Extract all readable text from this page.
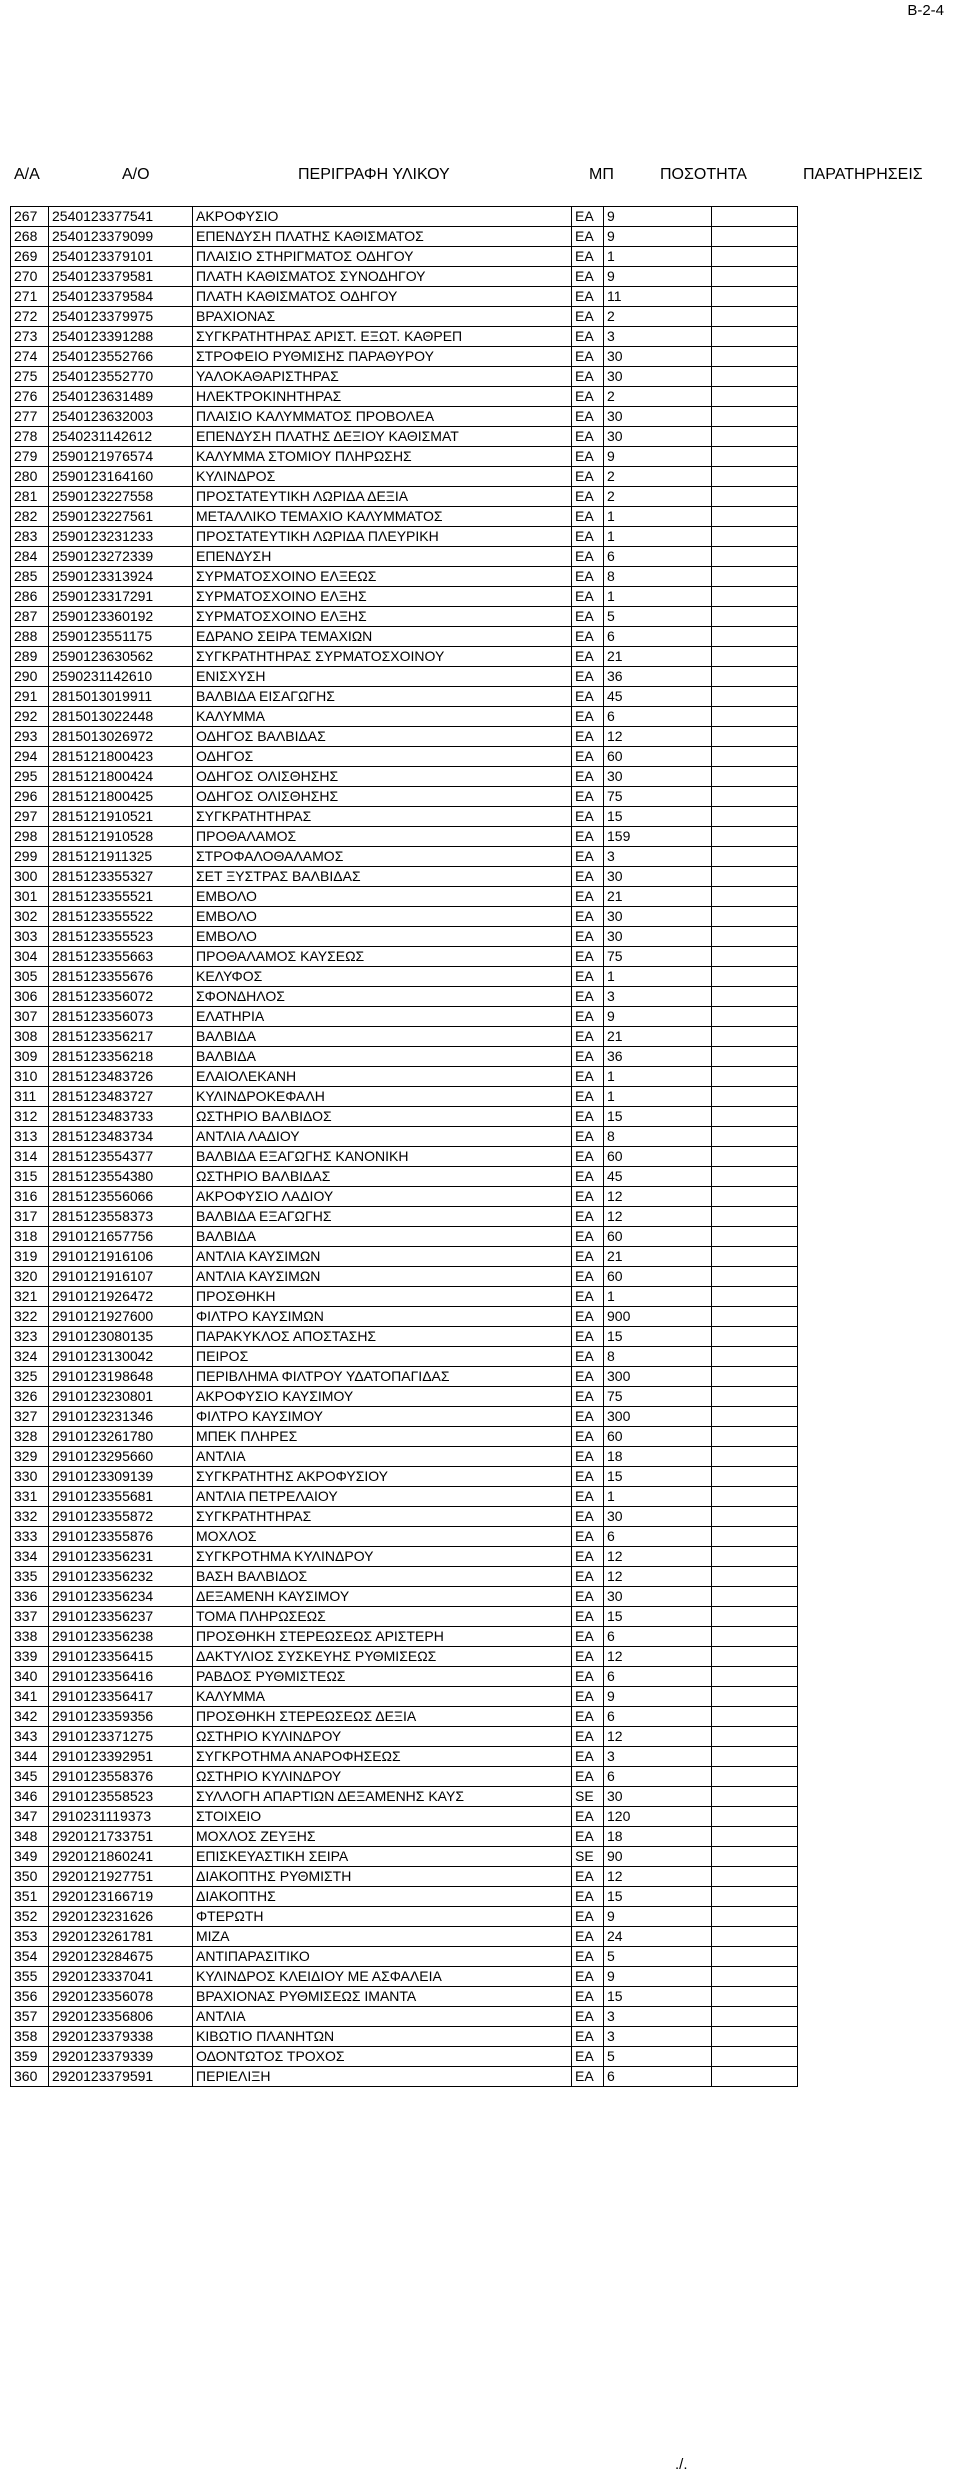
B-2-4
Α/Α	Α/Ο	ΠΕΡΙΓΡΑΦΗ ΥΛΙΚΟΥ	ΜΠ	ΠΟΣΟΤΗΤΑ	ΠΑΡΑΤΗΡΗΣΕΙΣ
267	2540123377541	ΑΚΡΟΦΥΣΙΟ	ΕΑ	9	
268	2540123379099	ΕΠΕΝΔΥΣΗ ΠΛΑΤΗΣ ΚΑΘΙΣΜΑΤΟΣ	ΕΑ	9	
269	2540123379101	ΠΛΑΙΣΙΟ ΣΤΗΡΙΓΜΑΤΟΣ ΟΔΗΓΟΥ	ΕΑ	1	
270	2540123379581	ΠΛΑΤΗ ΚΑΘΙΣΜΑΤΟΣ ΣΥΝΟΔΗΓΟΥ	ΕΑ	9	
271	2540123379584	ΠΛΑΤΗ ΚΑΘΙΣΜΑΤΟΣ ΟΔΗΓΟΥ	ΕΑ	11	
272	2540123379975	ΒΡΑΧΙΟΝΑΣ	ΕΑ	2	
273	2540123391288	ΣΥΓΚΡΑΤΗΤΗΡΑΣ ΑΡΙΣΤ. ΕΞΩΤ. ΚΑΘΡΕΠ	ΕΑ	3	
274	2540123552766	ΣΤΡΟΦΕΙΟ ΡΥΘΜΙΣΗΣ ΠΑΡΑΘΥΡΟΥ	ΕΑ	30	
275	2540123552770	ΥΑΛΟΚΑΘΑΡΙΣΤΗΡΑΣ	ΕΑ	30	
276	2540123631489	ΗΛΕΚΤΡΟΚΙΝΗΤΗΡΑΣ	ΕΑ	2	
277	2540123632003	ΠΛΑΙΣΙΟ ΚΑΛΥΜΜΑΤΟΣ ΠΡΟΒΟΛΕΑ	ΕΑ	30	
278	2540231142612	ΕΠΕΝΔΥΣΗ ΠΛΑΤΗΣ ΔΕΞΙΟΥ ΚΑΘΙΣΜΑΤ	ΕΑ	30	
279	2590121976574	ΚΑΛΥΜΜΑ ΣΤΟΜΙΟΥ ΠΛΗΡΩΣΗΣ	ΕΑ	9	
280	2590123164160	ΚΥΛΙΝΔΡΟΣ	ΕΑ	2	
281	2590123227558	ΠΡΟΣΤΑΤΕΥΤΙΚΗ ΛΩΡΙΔΑ ΔΕΞΙΑ	ΕΑ	2	
282	2590123227561	ΜΕΤΑΛΛΙΚΟ ΤΕΜΑΧΙΟ ΚΑΛΥΜΜΑΤΟΣ	ΕΑ	1	
283	2590123231233	ΠΡΟΣΤΑΤΕΥΤΙΚΗ ΛΩΡΙΔΑ ΠΛΕΥΡΙΚΗ	ΕΑ	1	
284	2590123272339	ΕΠΕΝΔΥΣΗ	ΕΑ	6	
285	2590123313924	ΣΥΡΜΑΤΟΣΧΟΙΝΟ ΕΛΞΕΩΣ	ΕΑ	8	
286	2590123317291	ΣΥΡΜΑΤΟΣΧΟΙΝΟ ΕΛΞΗΣ	ΕΑ	1	
287	2590123360192	ΣΥΡΜΑΤΟΣΧΟΙΝΟ ΕΛΞΗΣ	ΕΑ	5	
288	2590123551175	ΕΔΡΑΝΟ ΣΕΙΡΑ ΤΕΜΑΧΙΩΝ	ΕΑ	6	
289	2590123630562	ΣΥΓΚΡΑΤΗΤΗΡΑΣ ΣΥΡΜΑΤΟΣΧΟΙΝΟΥ	ΕΑ	21	
290	2590231142610	ΕΝΙΣΧΥΣΗ	ΕΑ	36	
291	2815013019911	ΒΑΛΒΙΔΑ ΕΙΣΑΓΩΓΗΣ	ΕΑ	45	
292	2815013022448	ΚΑΛΥΜΜΑ	ΕΑ	6	
293	2815013026972	ΟΔΗΓΟΣ ΒΑΛΒΙΔΑΣ	ΕΑ	12	
294	2815121800423	ΟΔΗΓΟΣ	ΕΑ	60	
295	2815121800424	ΟΔΗΓΟΣ ΟΛΙΣΘΗΣΗΣ	ΕΑ	30	
296	2815121800425	ΟΔΗΓΟΣ ΟΛΙΣΘΗΣΗΣ	ΕΑ	75	
297	2815121910521	ΣΥΓΚΡΑΤΗΤΗΡΑΣ	ΕΑ	15	
298	2815121910528	ΠΡΟΘΑΛΑΜΟΣ	ΕΑ	159	
299	2815121911325	ΣΤΡΟΦΑΛΟΘΑΛΑΜΟΣ	ΕΑ	3	
300	2815123355327	ΣΕΤ ΞΥΣΤΡΑΣ ΒΑΛΒΙΔΑΣ	ΕΑ	30	
301	2815123355521	ΕΜΒΟΛΟ	ΕΑ	21	
302	2815123355522	ΕΜΒΟΛΟ	ΕΑ	30	
303	2815123355523	ΕΜΒΟΛΟ	ΕΑ	30	
304	2815123355663	ΠΡΟΘΑΛΑΜΟΣ ΚΑΥΣΕΩΣ	ΕΑ	75	
305	2815123355676	ΚΕΛΥΦΟΣ	ΕΑ	1	
306	2815123356072	ΣΦΟΝΔΗΛΟΣ	ΕΑ	3	
307	2815123356073	ΕΛΑΤΗΡΙΑ	ΕΑ	9	
308	2815123356217	ΒΑΛΒΙΔΑ	ΕΑ	21	
309	2815123356218	ΒΑΛΒΙΔΑ	ΕΑ	36	
310	2815123483726	ΕΛΑΙΟΛΕΚΑΝΗ	ΕΑ	1	
311	2815123483727	ΚΥΛΙΝΔΡΟΚΕΦΑΛΗ	ΕΑ	1	
312	2815123483733	ΩΣΤΗΡΙΟ ΒΑΛΒΙΔΟΣ	ΕΑ	15	
313	2815123483734	ΑΝΤΛΙΑ ΛΑΔΙΟΥ	ΕΑ	8	
314	2815123554377	ΒΑΛΒΙΔΑ ΕΞΑΓΩΓΗΣ ΚΑΝΟΝΙΚΗ	ΕΑ	60	
315	2815123554380	ΩΣΤΗΡΙΟ ΒΑΛΒΙΔΑΣ	ΕΑ	45	
316	2815123556066	ΑΚΡΟΦΥΣΙΟ ΛΑΔΙΟΥ	ΕΑ	12	
317	2815123558373	ΒΑΛΒΙΔΑ ΕΞΑΓΩΓΗΣ	ΕΑ	12	
318	2910121657756	ΒΑΛΒΙΔΑ	ΕΑ	60	
319	2910121916106	ΑΝΤΛΙΑ ΚΑΥΣΙΜΩΝ	ΕΑ	21	
320	2910121916107	ΑΝΤΛΙΑ ΚΑΥΣΙΜΩΝ	ΕΑ	60	
321	2910121926472	ΠΡΟΣΘΗΚΗ	ΕΑ	1	
322	2910121927600	ΦΙΛΤΡΟ ΚΑΥΣΙΜΩΝ	ΕΑ	900	
323	2910123080135	ΠΑΡΑΚΥΚΛΟΣ ΑΠΟΣΤΑΣΗΣ	ΕΑ	15	
324	2910123130042	ΠΕΙΡΟΣ	ΕΑ	8	
325	2910123198648	ΠΕΡΙΒΛΗΜΑ ΦΙΛΤΡΟΥ ΥΔΑΤΟΠΑΓΙΔΑΣ	ΕΑ	300	
326	2910123230801	ΑΚΡΟΦΥΣΙΟ ΚΑΥΣΙΜΟΥ	ΕΑ	75	
327	2910123231346	ΦΙΛΤΡΟ ΚΑΥΣΙΜΟΥ	ΕΑ	300	
328	2910123261780	ΜΠΕΚ ΠΛΗΡΕΣ	ΕΑ	60	
329	2910123295660	ΑΝΤΛΙΑ	ΕΑ	18	
330	2910123309139	ΣΥΓΚΡΑΤΗΤΗΣ ΑΚΡΟΦΥΣΙΟΥ	ΕΑ	15	
331	2910123355681	ΑΝΤΛΙΑ ΠΕΤΡΕΛΑΙΟΥ	ΕΑ	1	
332	2910123355872	ΣΥΓΚΡΑΤΗΤΗΡΑΣ	ΕΑ	30	
333	2910123355876	ΜΟΧΛΟΣ	ΕΑ	6	
334	2910123356231	ΣΥΓΚΡΟΤΗΜΑ ΚΥΛΙΝΔΡΟΥ	ΕΑ	12	
335	2910123356232	ΒΑΣΗ ΒΑΛΒΙΔΟΣ	ΕΑ	12	
336	2910123356234	ΔΕΞΑΜΕΝΗ ΚΑΥΣΙΜΟΥ	ΕΑ	30	
337	2910123356237	ΤΟΜΑ ΠΛΗΡΩΣΕΩΣ	ΕΑ	15	
338	2910123356238	ΠΡΟΣΘΗΚΗ ΣΤΕΡΕΩΣΕΩΣ ΑΡΙΣΤΕΡΗ	ΕΑ	6	
339	2910123356415	ΔΑΚΤΥΛΙΟΣ ΣΥΣΚΕΥΗΣ ΡΥΘΜΙΣΕΩΣ	ΕΑ	12	
340	2910123356416	ΡΑΒΔΟΣ ΡΥΘΜΙΣΤΕΩΣ	ΕΑ	6	
341	2910123356417	ΚΑΛΥΜΜΑ	ΕΑ	9	
342	2910123359356	ΠΡΟΣΘΗΚΗ ΣΤΕΡΕΩΣΕΩΣ ΔΕΞΙΑ	ΕΑ	6	
343	2910123371275	ΩΣΤΗΡΙΟ ΚΥΛΙΝΔΡΟΥ	ΕΑ	12	
344	2910123392951	ΣΥΓΚΡΟΤΗΜΑ ΑΝΑΡΟΦΗΣΕΩΣ	ΕΑ	3	
345	2910123558376	ΩΣΤΗΡΙΟ ΚΥΛΙΝΔΡΟΥ	ΕΑ	6	
346	2910123558523	ΣΥΛΛΟΓΗ ΑΠΑΡΤΙΩΝ ΔΕΞΑΜΕΝΗΣ ΚΑΥΣ	SE	30	
347	2910231119373	ΣΤΟΙΧΕΙΟ	ΕΑ	120	
348	2920121733751	ΜΟΧΛΟΣ ΖΕΥΞΗΣ	ΕΑ	18	
349	2920121860241	ΕΠΙΣΚΕΥΑΣΤΙΚΗ ΣΕΙΡΑ	SE	90	
350	2920121927751	ΔΙΑΚΟΠΤΗΣ ΡΥΘΜΙΣΤΗ	ΕΑ	12	
351	2920123166719	ΔΙΑΚΟΠΤΗΣ	ΕΑ	15	
352	2920123231626	ΦΤΕΡΩΤΗ	ΕΑ	9	
353	2920123261781	ΜΙΖΑ	ΕΑ	24	
354	2920123284675	ΑΝΤΙΠΑΡΑΣΙΤΙΚΟ	ΕΑ	5	
355	2920123337041	ΚΥΛΙΝΔΡΟΣ ΚΛΕΙΔΙΟΥ ΜΕ ΑΣΦΑΛΕΙΑ	ΕΑ	9	
356	2920123356078	ΒΡΑΧΙΟΝΑΣ ΡΥΘΜΙΣΕΩΣ ΙΜΑΝΤΑ	ΕΑ	15	
357	2920123356806	ΑΝΤΛΙΑ	ΕΑ	3	
358	2920123379338	ΚΙΒΩΤΙΟ ΠΛΑΝΗΤΩΝ	ΕΑ	3	
359	2920123379339	ΟΔΟΝΤΩΤΟΣ ΤΡΟΧΟΣ	ΕΑ	5	
360	2920123379591	ΠΕΡΙΕΛΙΞΗ	ΕΑ	6	
./.
